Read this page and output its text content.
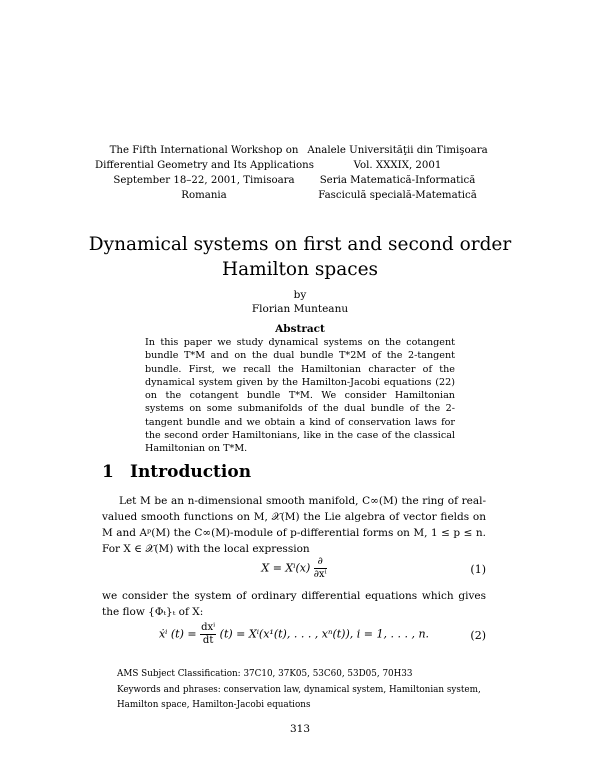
The Fifth International Workshop on
Differential Geometry and Its Applications
September 18–22, 2001, Timisoara
Romania
Analele Universităţii din Timişoara
Vol. XXXIX, 2001
Seria Matematică-Informatică
Fasciculă specială-Matematică
Dynamical systems on first and second order
Hamilton spaces
by
Florian Munteanu
Abstract
In this paper we study dynamical systems on the cotangent bundle T*M and on the dual bundle T*2M of the 2-tangent bundle. First, we recall the Hamiltonian character of the dynamical system given by the Hamilton-Jacobi equations (22) on the cotangent bundle T*M. We consider Hamiltonian systems on some submanifolds of the dual bundle of the 2-tangent bundle and we obtain a kind of conservation laws for the second order Hamiltonians, like in the case of the classical Hamiltonian on T*M.
1 Introduction
Let M be an n-dimensional smooth manifold, C∞(M) the ring of real-valued smooth functions on M, 𝒳(M) the Lie algebra of vector fields on M and Aᵖ(M) the C∞(M)-module of p-differential forms on M, 1 ≤ p ≤ n. For X ∈ 𝒳(M) with the local expression
$X = X^i(x) \frac{\partial}{\text{∂xⁱ}}$	(1)
we consider the system of ordinary differential equations which gives the flow {Φₜ}ₜ of X:
ẋⁱ $(t) = \frac{\text{dxⁱ}}{dt} (t) = X^i(x^1(t)$, . . . , xⁿ(t)), i = 1, . . . , n.	(2)
AMS Subject Classification: 37C10, 37K05, 53C60, 53D05, 70H33
Keywords and phrases: conservation law, dynamical system, Hamiltonian system,
Hamilton space, Hamilton-Jacobi equations
313
